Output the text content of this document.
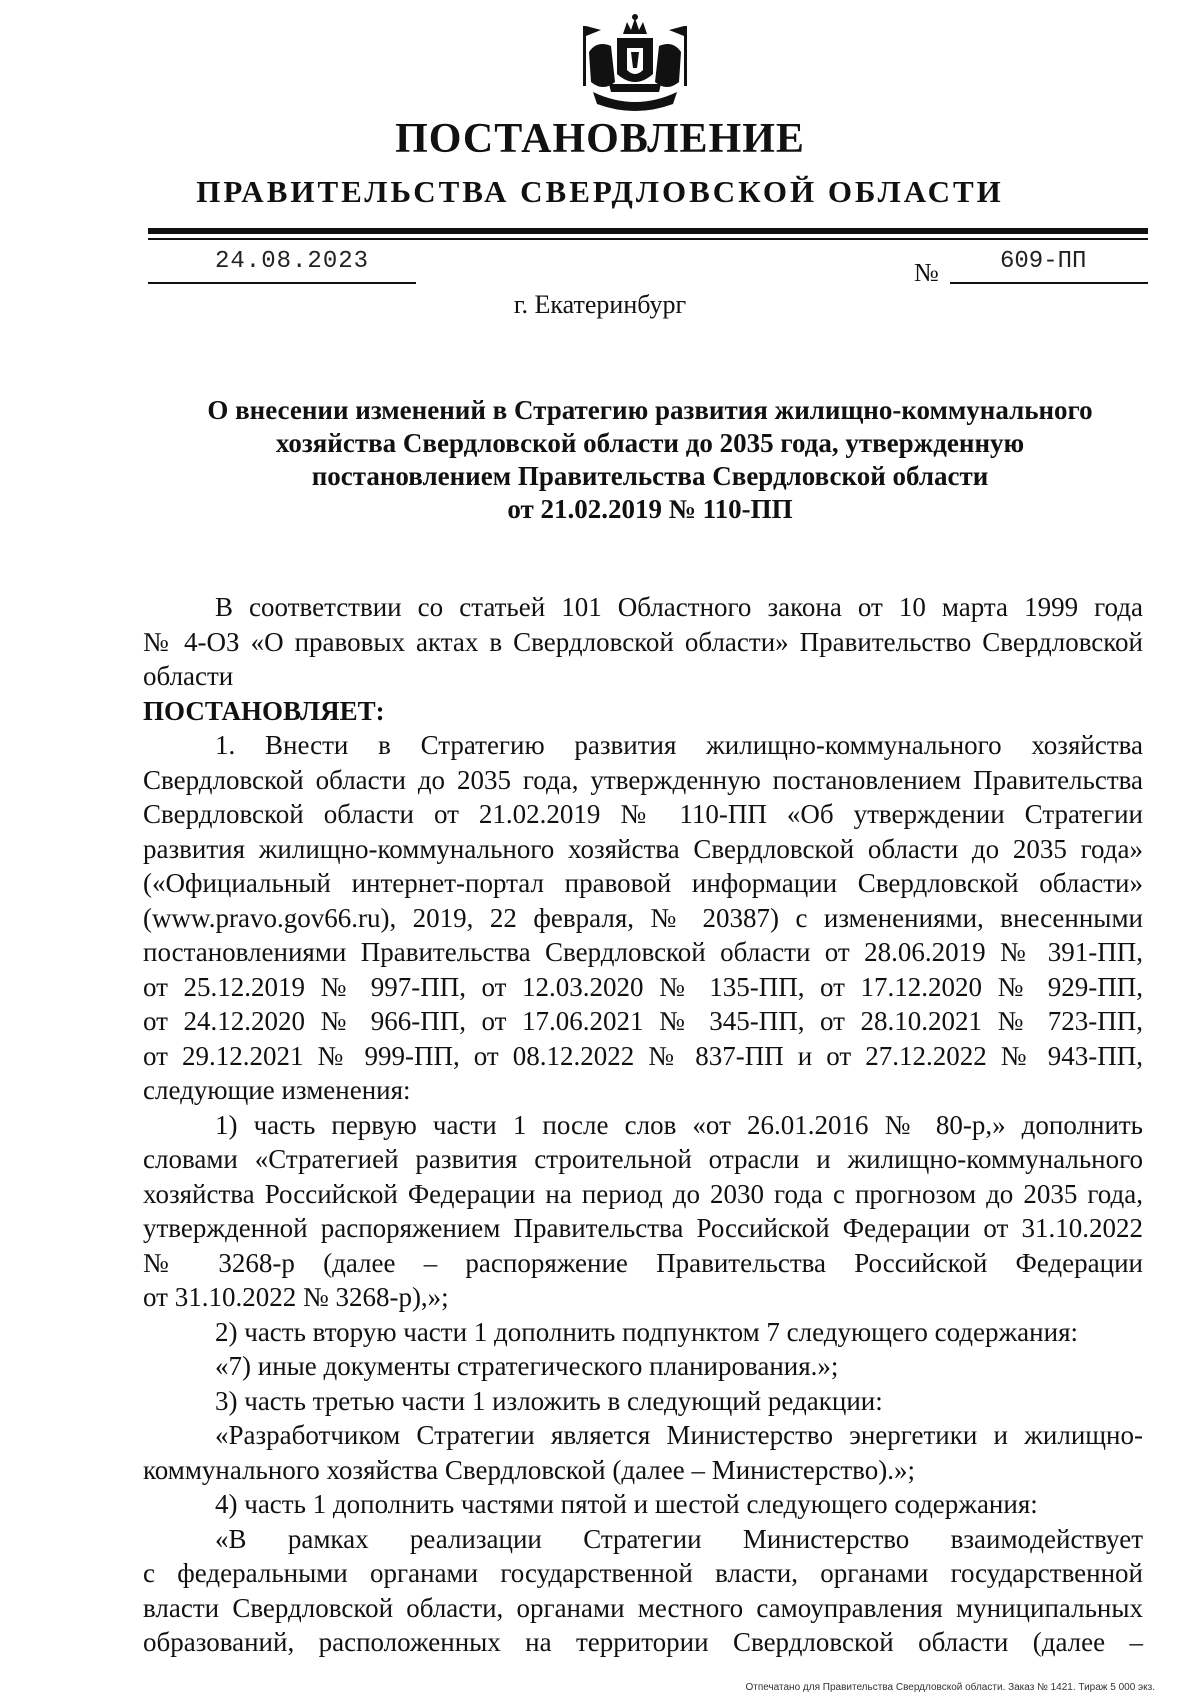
ПОСТАНОВЛЕНИЕ
ПРАВИТЕЛЬСТВА СВЕРДЛОВСКОЙ ОБЛАСТИ
24.08.2023	№	609-ПП
г. Екатеринбург
О внесении изменений в Стратегию развития жилищно-коммунального
хозяйства Свердловской области до 2035 года, утвержденную
постановлением Правительства Свердловской области
от 21.02.2019 № 110-ПП
В соответствии со статьей 101 Областного закона от 10 марта 1999 года
№ 4-ОЗ «О правовых актах в Свердловской области» Правительство Свердловской
области
ПОСТАНОВЛЯЕТ:
1. Внести в Стратегию развития жилищно-коммунального хозяйства
Свердловской области до 2035 года, утвержденную постановлением Правительства
Свердловской области от 21.02.2019 № 110-ПП «Об утверждении Стратегии
развития жилищно-коммунального хозяйства Свердловской области до 2035 года»
(«Официальный интернет-портал правовой информации Свердловской области»
(www.pravo.gov66.ru), 2019, 22 февраля, № 20387) с изменениями, внесенными
постановлениями Правительства Свердловской области от 28.06.2019 № 391-ПП,
от 25.12.2019 № 997-ПП, от 12.03.2020 № 135-ПП, от 17.12.2020 № 929-ПП,
от 24.12.2020 № 966-ПП, от 17.06.2021 № 345-ПП, от 28.10.2021 № 723-ПП,
от 29.12.2021 № 999-ПП, от 08.12.2022 № 837-ПП и от 27.12.2022 № 943-ПП,
следующие изменения:
1) часть первую части 1 после слов «от 26.01.2016 № 80-р,» дополнить
словами «Стратегией развития строительной отрасли и жилищно-коммунального
хозяйства Российской Федерации на период до 2030 года с прогнозом до 2035 года,
утвержденной распоряжением Правительства Российской Федерации от 31.10.2022
№ 3268-р (далее – распоряжение Правительства Российской Федерации
от 31.10.2022 № 3268-р),»;
2) часть вторую части 1 дополнить подпунктом 7 следующего содержания:
«7) иные документы стратегического планирования.»;
3) часть третью части 1 изложить в следующий редакции:
«Разработчиком Стратегии является Министерство энергетики и жилищно-
коммунального хозяйства Свердловской (далее – Министерство).»;
4) часть 1 дополнить частями пятой и шестой следующего содержания:
«В рамках реализации Стратегии Министерство взаимодействует
с федеральными органами государственной власти, органами государственной
власти Свердловской области, органами местного самоуправления муниципальных
образований, расположенных на территории Свердловской области (далее –
Отпечатано для Правительства Свердловской области. Заказ № 1421. Тираж 5 000 экз.
